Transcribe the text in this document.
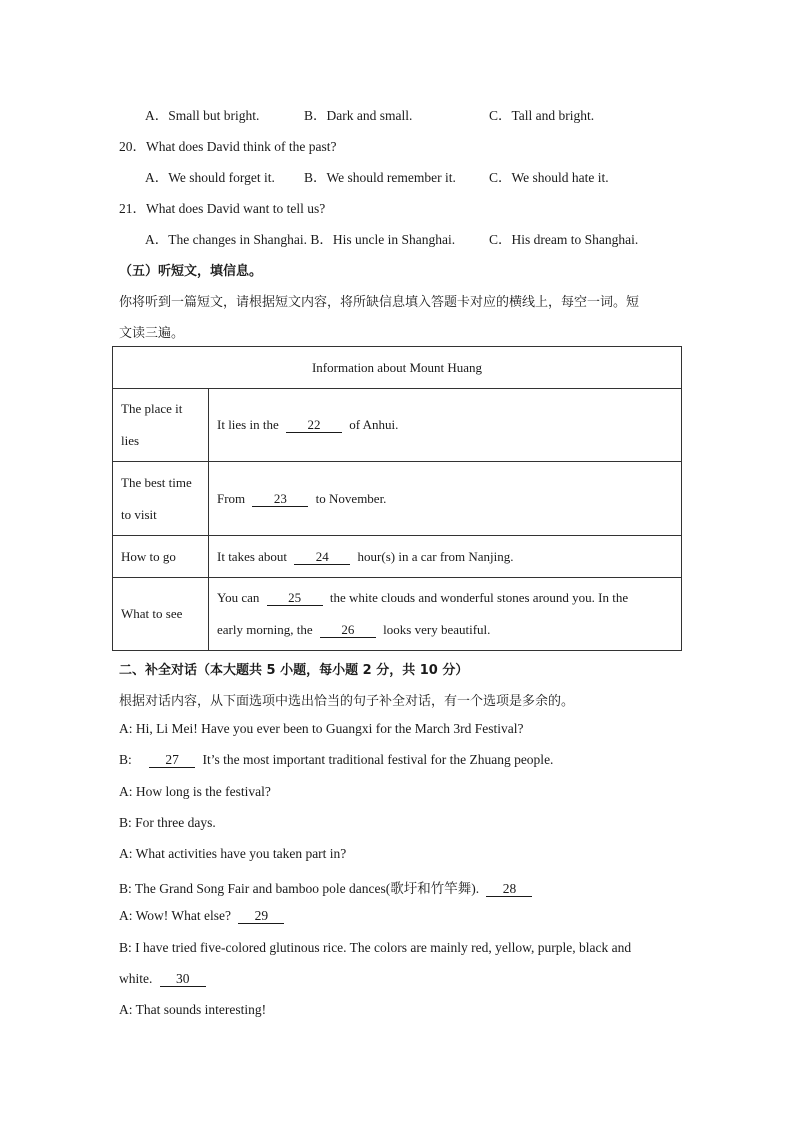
A．Small but bright.	B．Dark and small.	C．Tall and bright.
20．What does David think of the past?
A．We should forget it. B．We should remember it. C．We should hate it.
21．What does David want to tell us?
A．The changes in Shanghai. B．His uncle in Shanghai.	C．His dream to Shanghai.
（五）听短文，填信息。
你将听到一篇短文，请根据短文内容，将所缺信息填入答题卡对应的横线上，每空一词。短
文读三遍。
Information about Mount Huang	
The place it lies	It lies in the 22 of Anhui.
The best time to visit	From 23 to November.
How to go	It takes about 24 hour(s) in a car from Nanjing.
What to see	You can 25 the white clouds and wonderful stones around you. In the
early morning, the 26 looks very beautiful.
二、补全对话（本大题共 5 小题，每小题 2 分，共 10 分）
根据对话内容，从下面选项中选出恰当的句子补全对话，有一个选项是多余的。
A: Hi, Li Mei! Have you ever been to Guangxi for the March 3rd Festival?
B: 27 It’s the most important traditional festival for the Zhuang people.
A: How long is the festival?
B: For three days.
A: What activities have you taken part in?
B: The Grand Song Fair and bamboo pole dances(歌圩和竹竿舞). 28
A: Wow! What else? 29
B: I have tried five-colored glutinous rice. The colors are mainly red, yellow, purple, black and
white. 30
A: That sounds interesting!
